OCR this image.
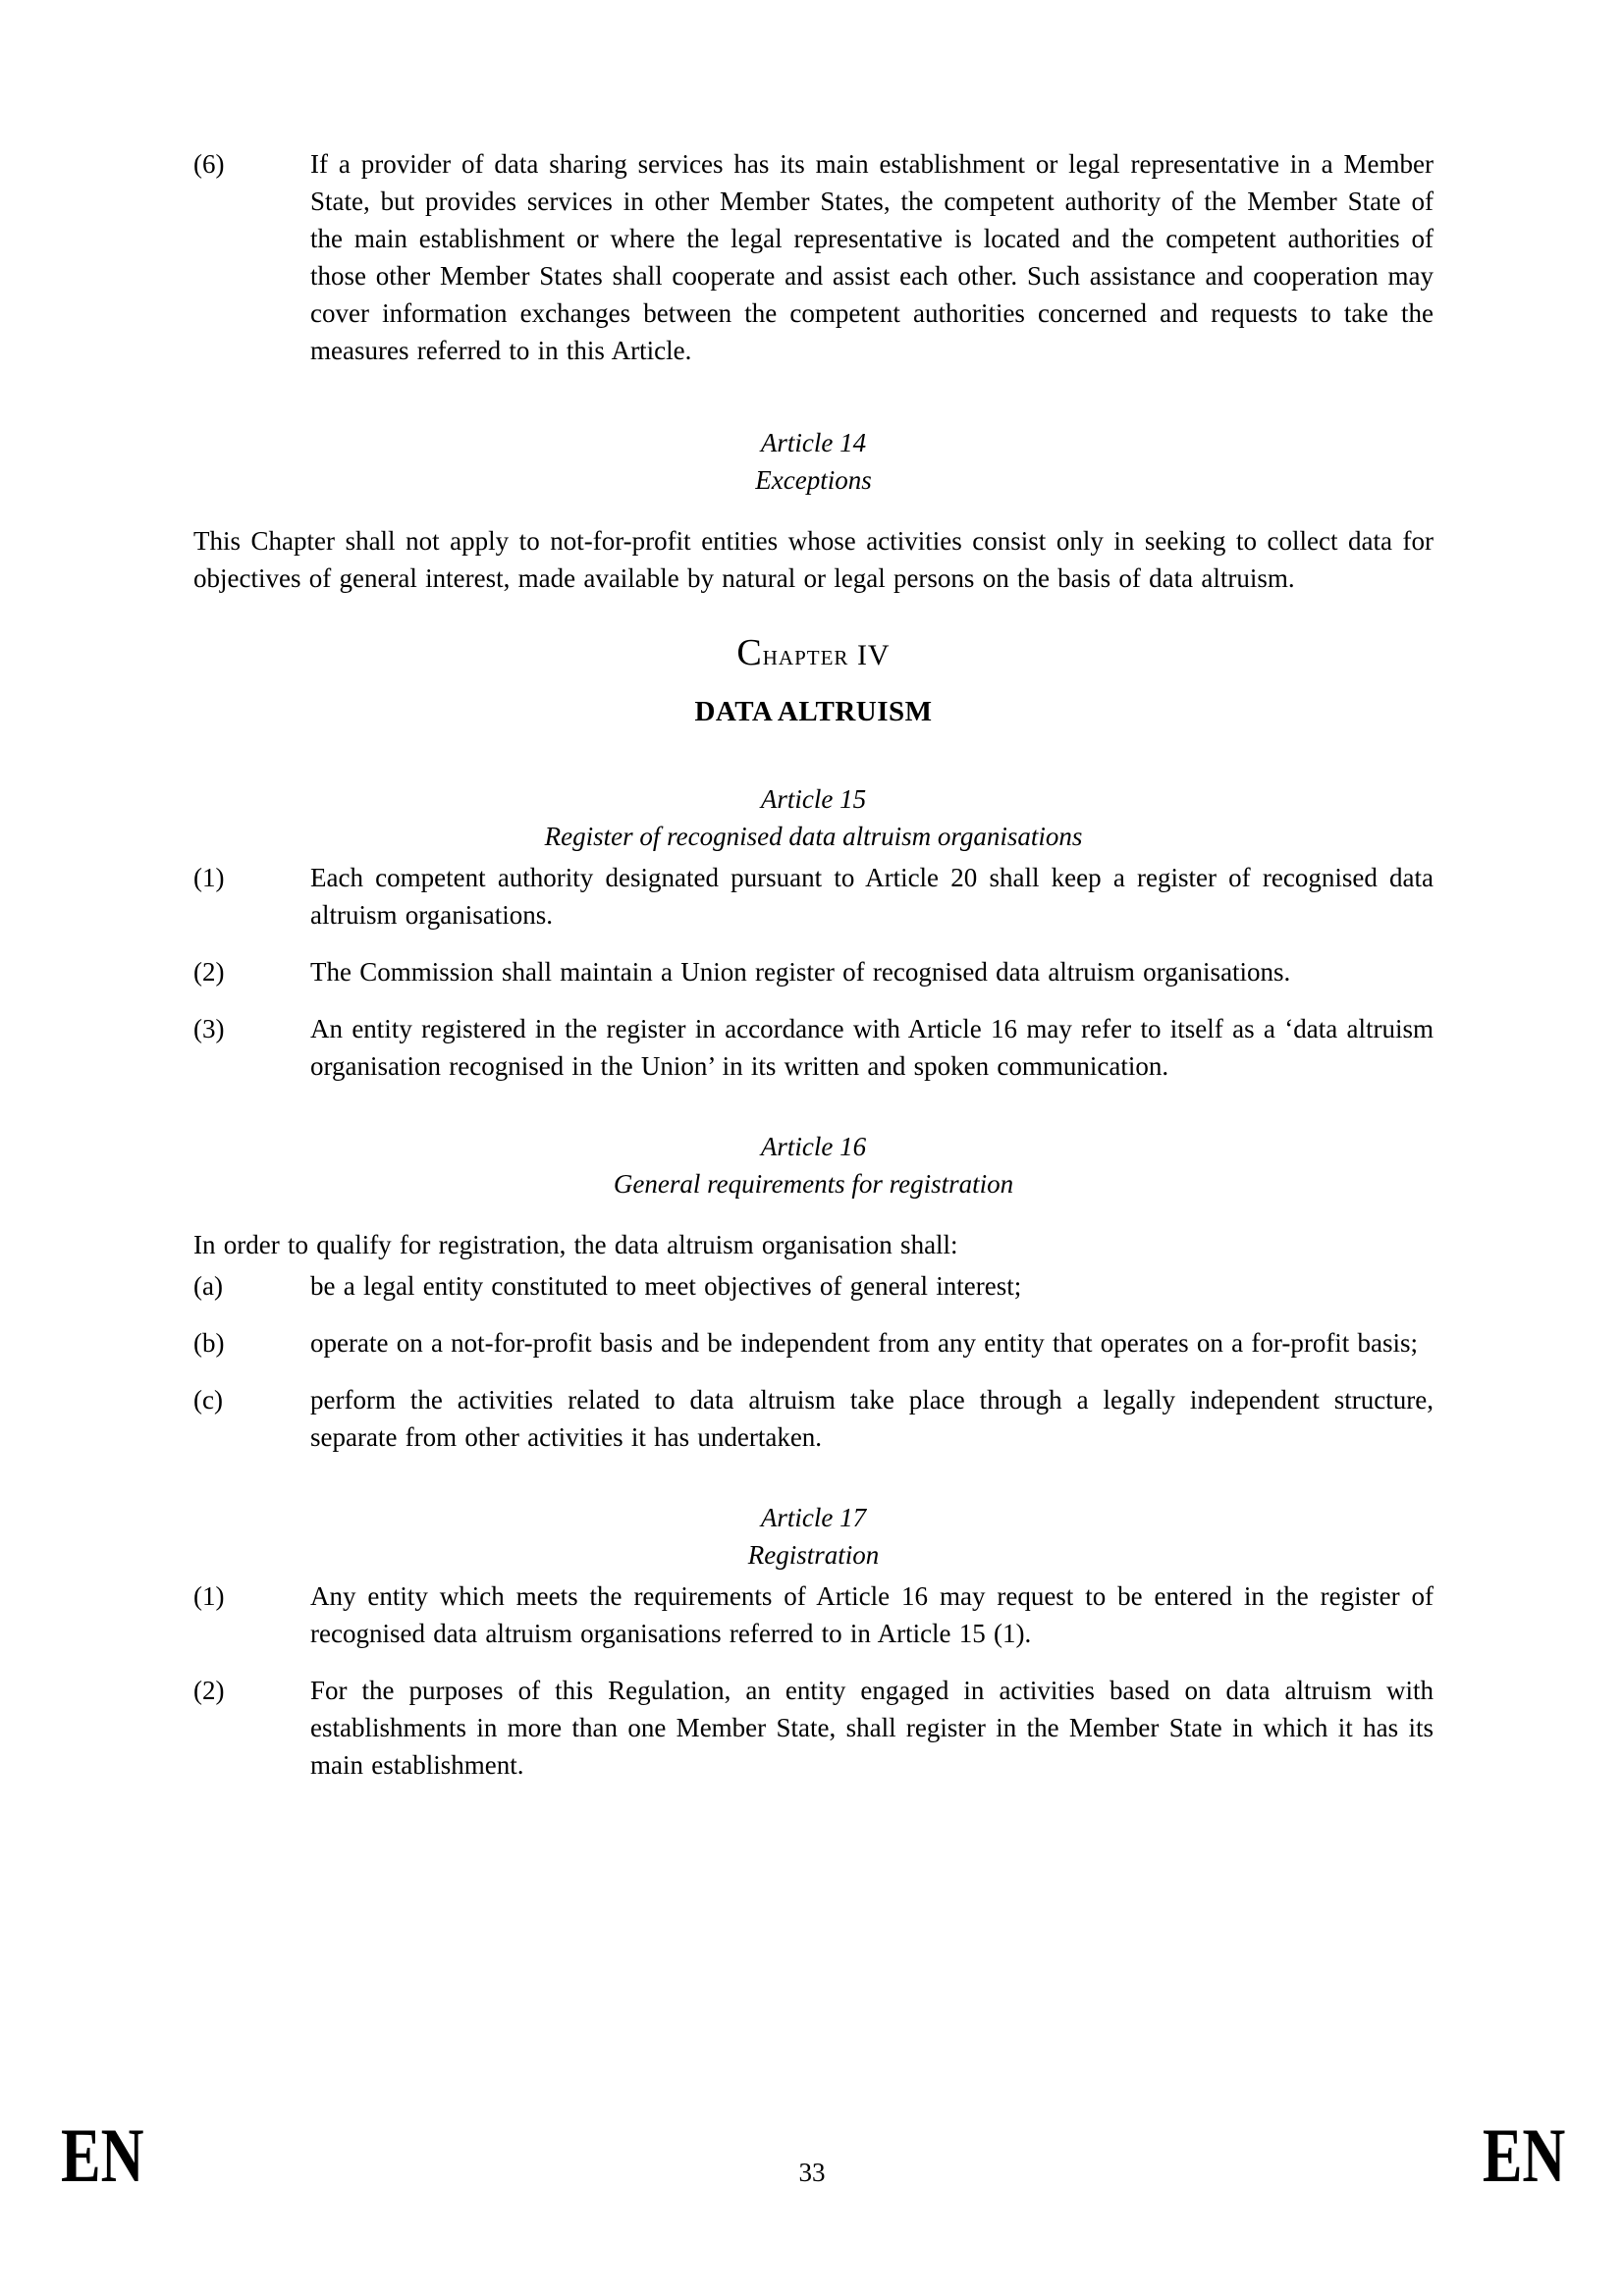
(6)	If a provider of data sharing services has its main establishment or legal representative in a Member State, but provides services in other Member States, the competent authority of the Member State of the main establishment or where the legal representative is located and the competent authorities of those other Member States shall cooperate and assist each other. Such assistance and cooperation may cover information exchanges between the competent authorities concerned and requests to take the measures referred to in this Article.
Article 14
Exceptions
This Chapter shall not apply to not-for-profit entities whose activities consist only in seeking to collect data for objectives of general interest, made available by natural or legal persons on the basis of data altruism.
Chapter IV
DATA ALTRUISM
Article 15
Register of recognised data altruism organisations
(1)	Each competent authority designated pursuant to Article 20 shall keep a register of recognised data altruism organisations.
(2)	The Commission shall maintain a Union register of recognised data altruism organisations.
(3)	An entity registered in the register in accordance with Article 16 may refer to itself as a ‘data altruism organisation recognised in the Union’ in its written and spoken communication.
Article 16
General requirements for registration
In order to qualify for registration, the data altruism organisation shall:
(a)	be a legal entity constituted to meet objectives of general interest;
(b)	operate on a not-for-profit basis and be independent from any entity that operates on a for-profit basis;
(c)	perform the activities related to data altruism take place through a legally independent structure, separate from other activities it has undertaken.
Article 17
Registration
(1)	Any entity which meets the requirements of Article 16 may request to be entered in the register of recognised data altruism organisations referred to in Article 15 (1).
(2)	For the purposes of this Regulation, an entity engaged in activities based on data altruism with establishments in more than one Member State, shall register in the Member State in which it has its main establishment.
EN	33	EN
